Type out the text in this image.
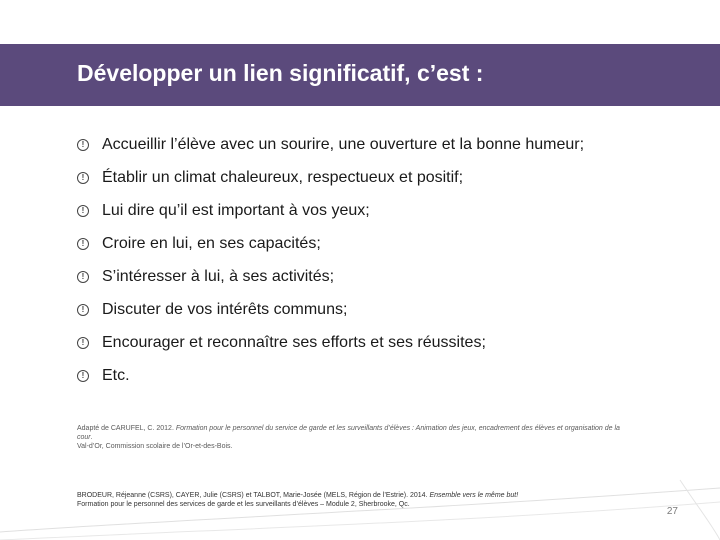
Développer un lien significatif, c’est :
! Accueillir l’élève avec un sourire, une ouverture et la bonne humeur;
! Établir un climat chaleureux, respectueux et positif;
! Lui dire qu’il est important à vos yeux;
! Croire en lui, en ses capacités;
! S’intéresser à lui, à ses activités;
! Discuter de vos intérêts communs;
! Encourager et reconnaître ses efforts et ses réussites;
! Etc.
Adapté de CARUFEL, C. 2012. Formation pour le personnel du service de garde et les surveillants d’élèves : Animation des jeux, encadrement des élèves et organisation de la cour.
Val-d’Or, Commission scolaire de l’Or-et-des-Bois.
BRODEUR, Réjeanne (CSRS), CAYER, Julie (CSRS) et TALBOT, Marie-Josée (MELS, Région de l’Estrie). 2014. Ensemble vers le même but!
Formation pour le personnel des services de garde et les surveillants d’élèves – Module 2, Sherbrooke, Qc.
27
